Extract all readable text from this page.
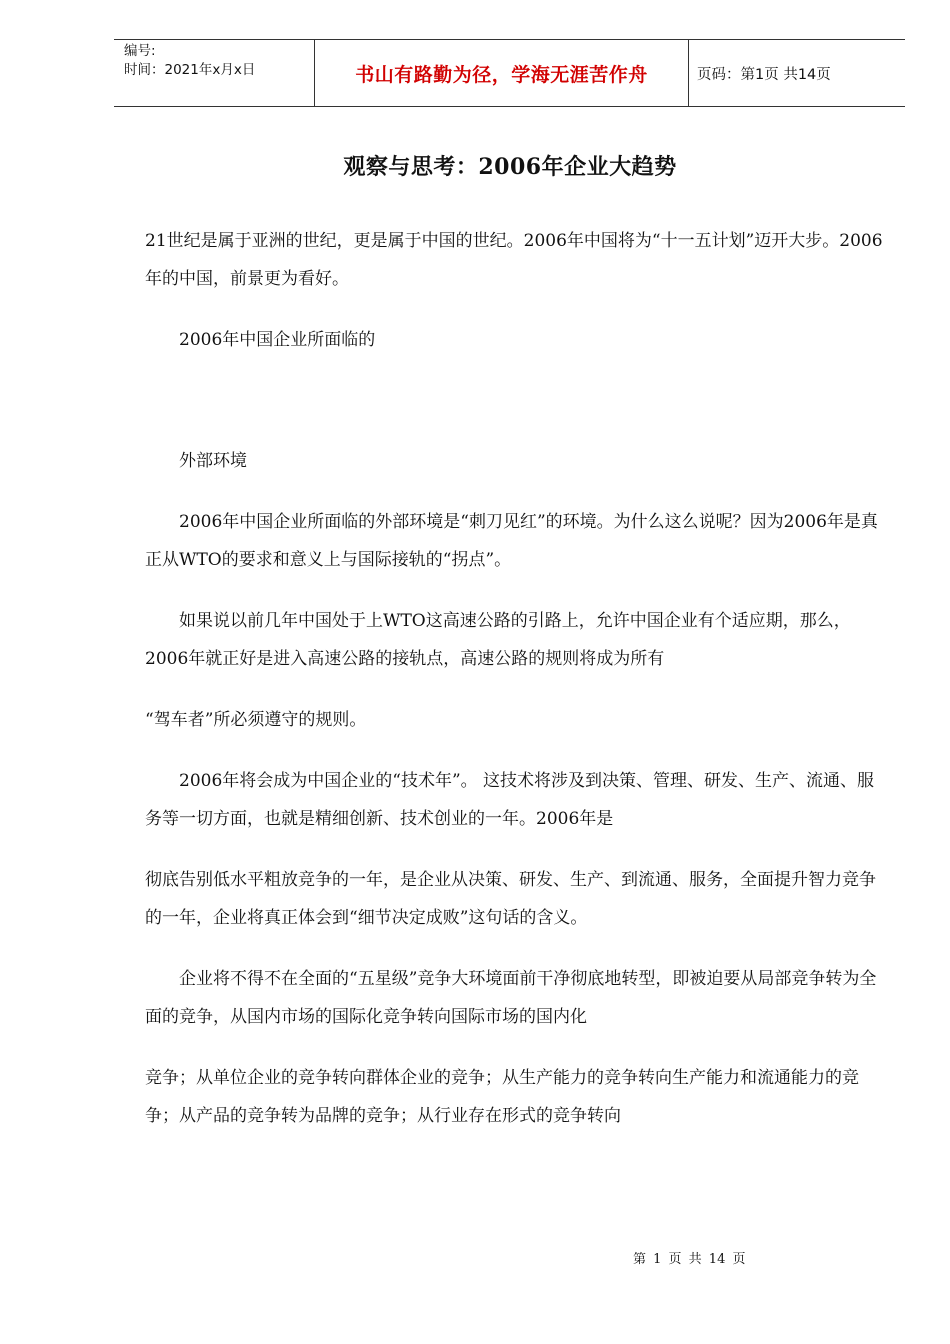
编号:
时间：2021年x月x日	书山有路勤为径，学海无涯苦作舟	页码：第1页 共14页
观察与思考：2006年企业大趋势
21世纪是属于亚洲的世纪，更是属于中国的世纪。2006年中国将为“十一五计划”迈开大步。2006年的中国，前景更为看好。
2006年中国企业所面临的
外部环境
2006年中国企业所面临的外部环境是“刺刀见红”的环境。为什么这么说呢？因为2006年是真正从WTO的要求和意义上与国际接轨的“拐点”。
如果说以前几年中国处于上WTO这高速公路的引路上，允许中国企业有个适应期，那么，2006年就正好是进入高速公路的接轨点，高速公路的规则将成为所有
“驾车者”所必须遵守的规则。
2006年将会成为中国企业的“技术年”。 这技术将涉及到决策、管理、研发、生产、流通、服务等一切方面，也就是精细创新、技术创业的一年。2006年是
彻底告别低水平粗放竞争的一年，是企业从决策、研发、生产、到流通、服务，全面提升智力竞争的一年，企业将真正体会到“细节决定成败”这句话的含义。
企业将不得不在全面的“五星级”竞争大环境面前干净彻底地转型，即被迫要从局部竞争转为全面的竞争，从国内市场的国际化竞争转向国际市场的国内化
竞争；从单位企业的竞争转向群体企业的竞争；从生产能力的竞争转向生产能力和流通能力的竞争；从产品的竞争转为品牌的竞争；从行业存在形式的竞争转向
第 1 页 共 14 页
